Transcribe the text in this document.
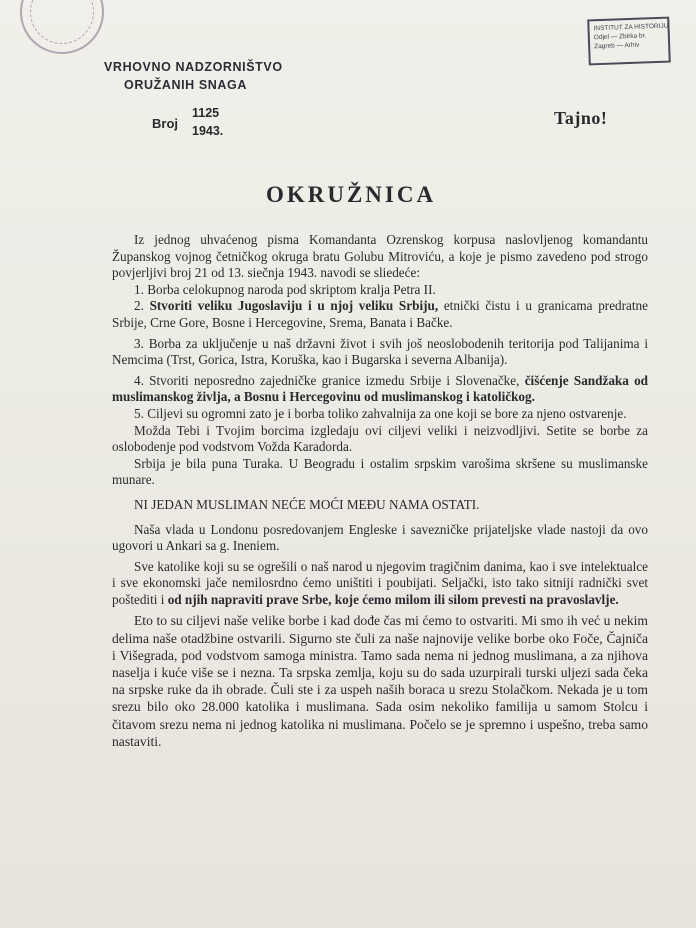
INSTITUT ZA HISTORIJU
Odjel — Zbirka br.
Zagreb — Arhiv
VRHOVNO NADZORNIŠTVO
ORUŽANIH SNAGA
Broj
1125
1943.
Tajno!
OKRUŽNICA

Iz jednog uhvaćenog pisma Komandanta Ozrenskog korpusa naslovljenog komandantu Županskog vojnog četničkog okruga bratu Golubu Mitroviću, a koje je pismo zavedeno pod strogo povjerljivi broj 21 od 13. siečnja 1943. navodi se sliedeće:

1. Borba celokupnog naroda pod skriptom kralja Petra II.

2. Stvoriti veliku Jugoslaviju i u njoj veliku Srbiju, etnički čistu i u granicama predratne Srbije, Crne Gore, Bosne i Hercegovine, Srema, Banata i Bačke.

3. Borba za uključenje u naš državni život i svih još neoslobodenih teritorija pod Talijanima i Nemcima (Trst, Gorica, Istra, Koruška, kao i Bugarska i severna Albanija).

4. Stvoriti neposredno zajedničke granice izmedu Srbije i Slovenačke, čišćenje Sandžaka od muslimanskog življa, a Bosnu i Hercegovinu od muslimanskog i katoličkog.

5. Ciljevi su ogromni zato je i borba toliko zahvalnija za one koji se bore za njeno ostvarenje.

Možda Tebi i Tvojim borcima izgledaju ovi ciljevi veliki i neizvodljivi. Setite se borbe za oslobodenje pod vodstvom Vožda Karadorda.

Srbija je bila puna Turaka. U Beogradu i ostalim srpskim varošima skršene su muslimanske munare.

NI JEDAN MUSLIMAN NEĆE MOĆI MEĐU NAMA OSTATI.

Naša vlada u Londonu posredovanjem Engleske i savezničke prijateljske vlade nastoji da ovo ugovori u Ankari sa g. Ineniem.

Sve katolike koji su se ogrešili o naš narod u njegovim tragičnim danima, kao i sve intelektualce i sve ekonomski jače nemilosrdno ćemo uništiti i poubijati. Seljački, isto tako sitniji radnički svet poštediti i od njih napraviti prave Srbe, koje ćemo milom ili silom prevesti na pravoslavlje.

Eto to su ciljevi naše velike borbe i kad dođe čas mi ćemo to ostvariti. Mi smo ih već u nekim delima naše otadžbine ostvarili. Sigurno ste čuli za naše najnovije velike borbe oko Foče, Čajniča i Višegrada, pod vodstvom samoga ministra. Tamo sada nema ni jednog muslimana, a za njihova naselja i kuće više se i nezna. Ta srpska zemlja, koju su do sada uzurpirali turski uljezi sada čeka na srpske ruke da ih obrade. Čuli ste i za uspeh naših boraca u srezu Stolačkom. Nekada je u tom srezu bilo oko 28.000 katolika i muslimana. Sada osim nekoliko familija u samom Stolcu i čitavom srezu nema ni jednog katolika ni muslimana. Počelo se je spremno i uspešno, treba samo nastaviti.
